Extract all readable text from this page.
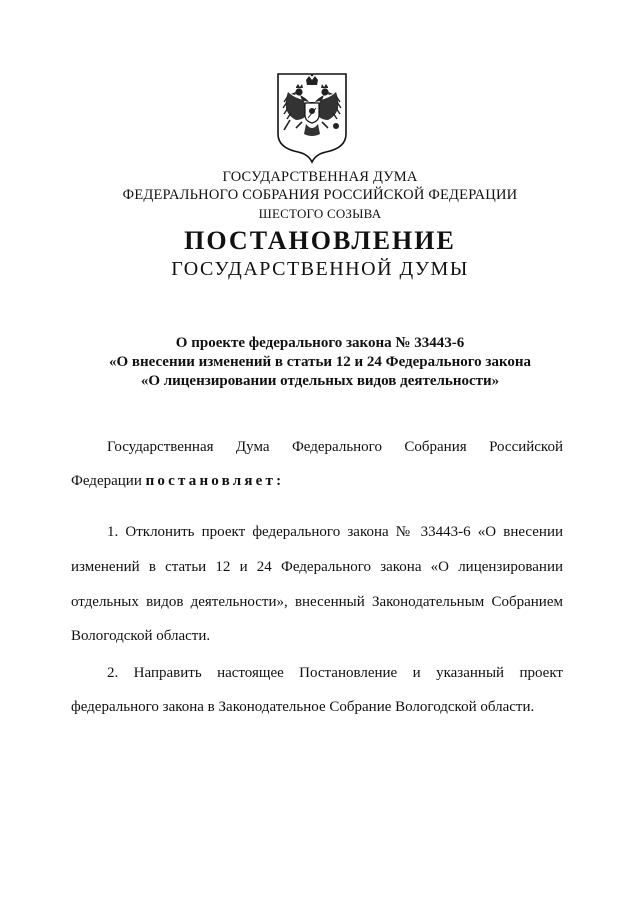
ГОСУДАРСТВЕННАЯ ДУМА
ФЕДЕРАЛЬНОГО СОБРАНИЯ РОССИЙСКОЙ ФЕДЕРАЦИИ
ШЕСТОГО СОЗЫВА
ПОСТАНОВЛЕНИЕ
ГОСУДАРСТВЕННОЙ ДУМЫ
О проекте федерального закона № 33443-6
«О внесении изменений в статьи 12 и 24 Федерального закона
«О лицензировании отдельных видов деятельности»
Государственная Дума Федерального Собрания Российской
Федерации постановляет:
1. Отклонить проект федерального закона № 33443-6 «О внесении
изменений в статьи 12 и 24 Федерального закона «О лицензировании
отдельных видов деятельности», внесенный Законодательным Собранием
Вологодской области.
2. Направить настоящее Постановление и указанный проект
федерального закона в Законодательное Собрание Вологодской области.
